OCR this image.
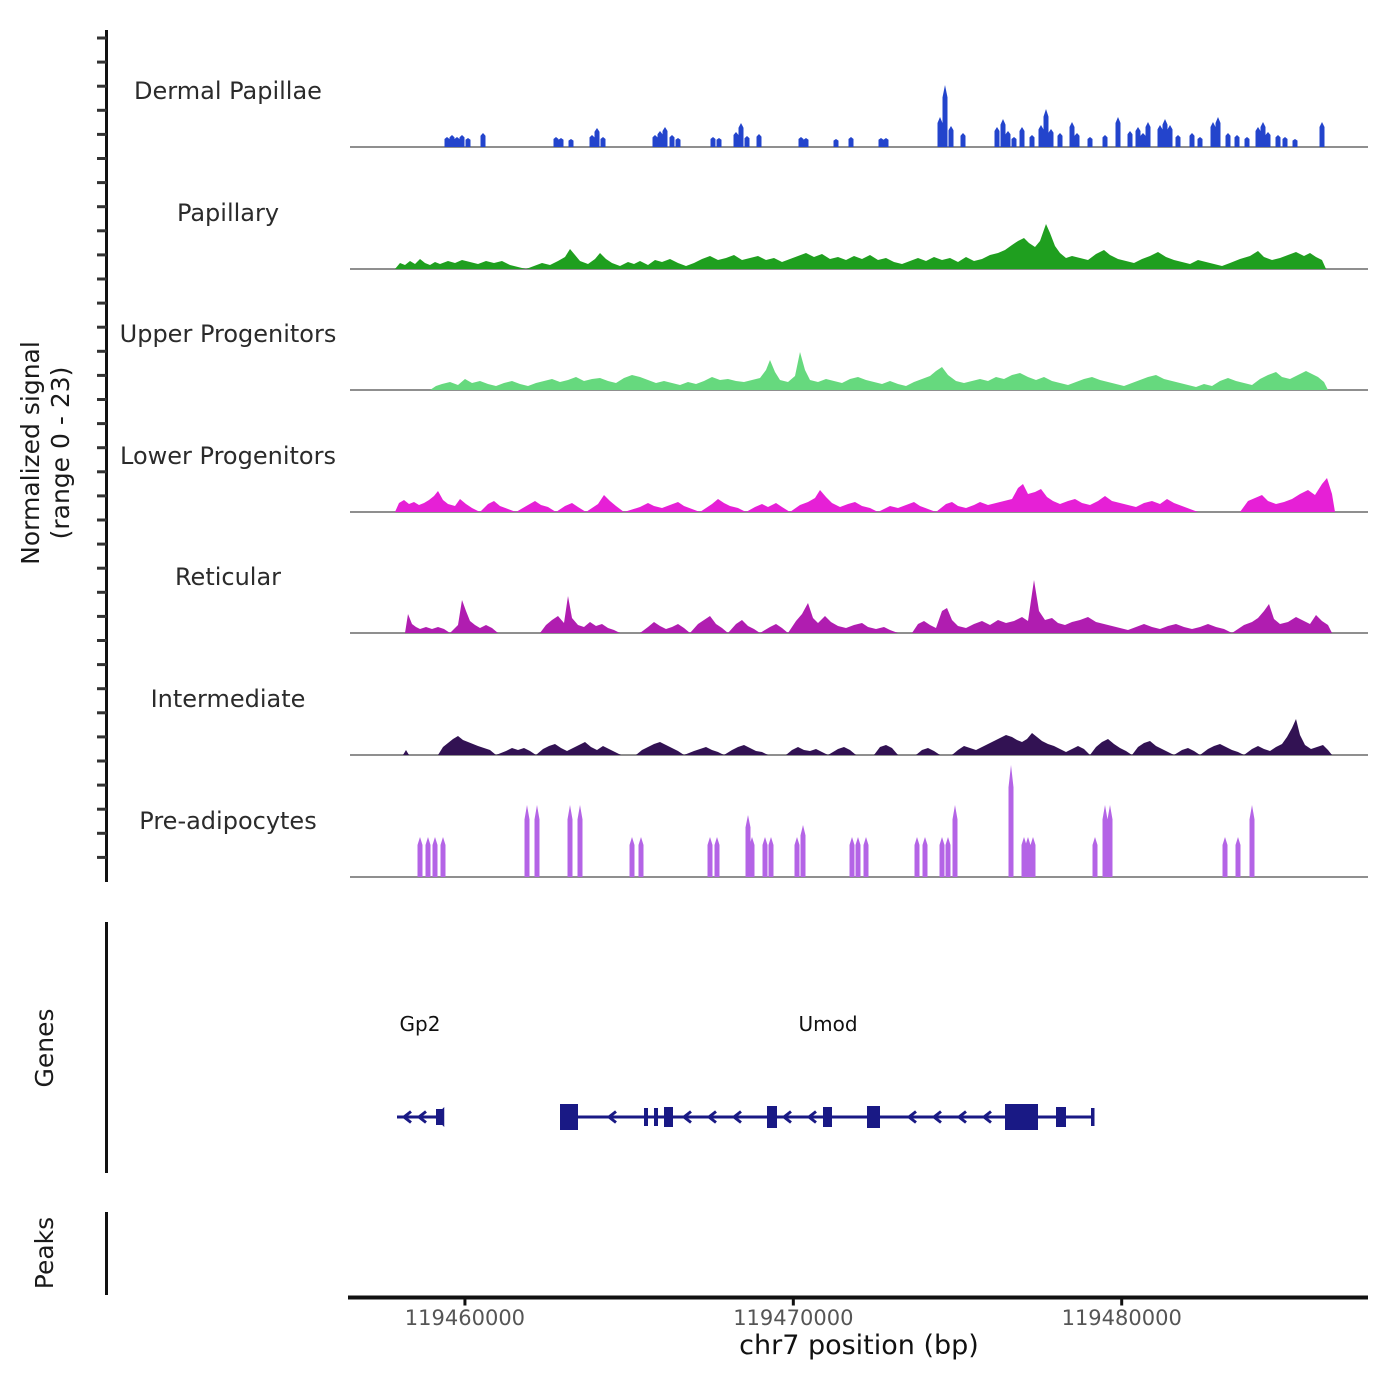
Normalized signal (range 0 - 23)
Genes
Peaks
chr7 position (bp)
Dermal Papillae
Papillary
Upper Progenitors
Lower Progenitors
Reticular
Intermediate
Pre-adipocytes
Gp2	Umod
119460000	119470000	119480000
